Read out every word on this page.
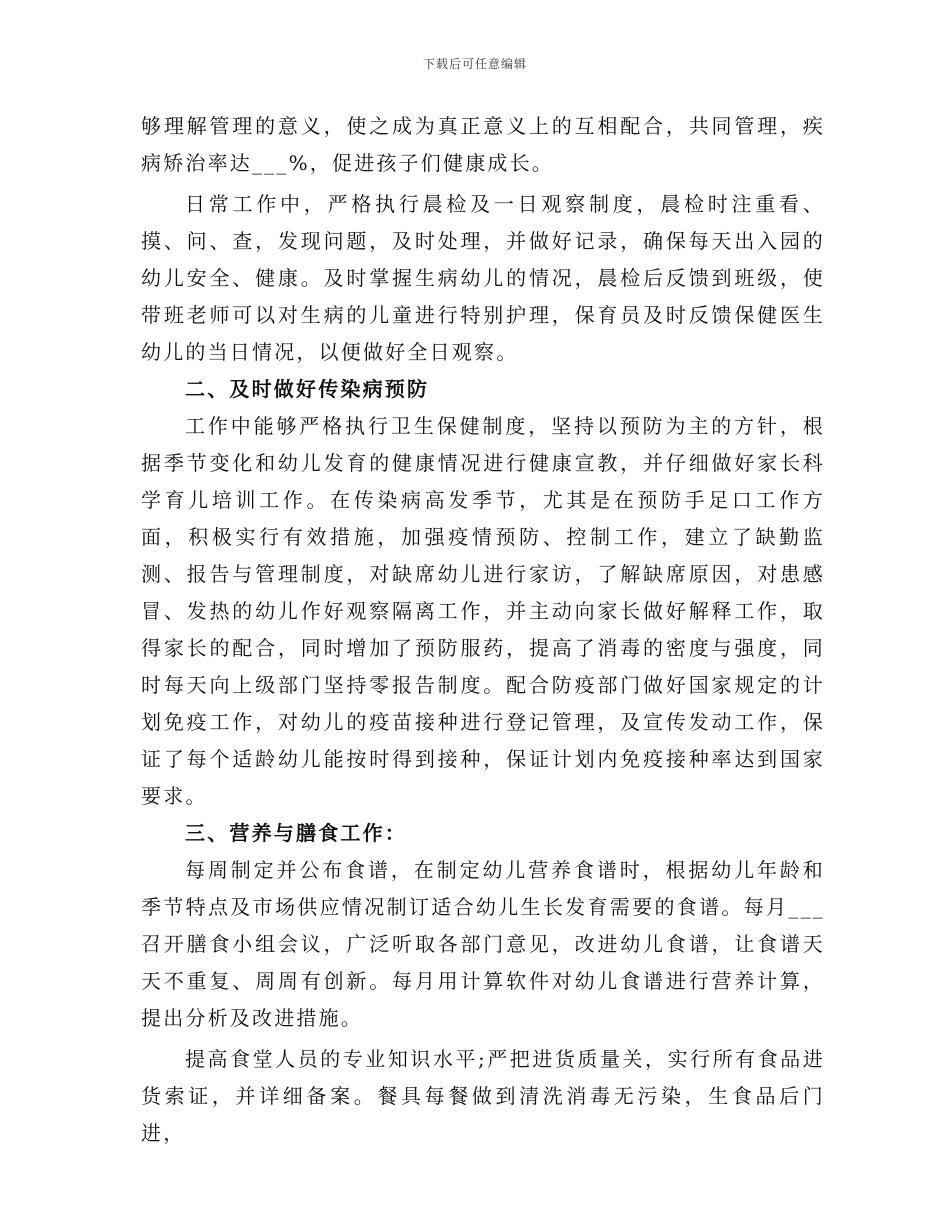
下载后可任意编辑

够理解管理的意义，使之成为真正意义上的互相配合，共同管理，疾病矫治率达___%，促进孩子们健康成长。

日常工作中，严格执行晨检及一日观察制度，晨检时注重看、摸、问、查，发现问题，及时处理，并做好记录，确保每天出入园的幼儿安全、健康。及时掌握生病幼儿的情况，晨检后反馈到班级，使带班老师可以对生病的儿童进行特别护理，保育员及时反馈保健医生幼儿的当日情况，以便做好全日观察。

二、及时做好传染病预防

工作中能够严格执行卫生保健制度，坚持以预防为主的方针，根据季节变化和幼儿发育的健康情况进行健康宣教，并仔细做好家长科学育儿培训工作。在传染病高发季节，尤其是在预防手足口工作方面，积极实行有效措施，加强疫情预防、控制工作，建立了缺勤监测、报告与管理制度，对缺席幼儿进行家访，了解缺席原因，对患感冒、发热的幼儿作好观察隔离工作，并主动向家长做好解释工作，取得家长的配合，同时增加了预防服药，提高了消毒的密度与强度，同时每天向上级部门坚持零报告制度。配合防疫部门做好国家规定的计划免疫工作，对幼儿的疫苗接种进行登记管理，及宣传发动工作，保证了每个适龄幼儿能按时得到接种，保证计划内免疫接种率达到国家要求。

三、营养与膳食工作：

每周制定并公布食谱，在制定幼儿营养食谱时，根据幼儿年龄和季节特点及市场供应情况制订适合幼儿生长发育需要的食谱。每月___召开膳食小组会议，广泛听取各部门意见，改进幼儿食谱，让食谱天天不重复、周周有创新。每月用计算软件对幼儿食谱进行营养计算，提出分析及改进措施。

提高食堂人员的专业知识水平;严把进货质量关，实行所有食品进货索证，并详细备案。餐具每餐做到清洗消毒无污染，生食品后门进，
